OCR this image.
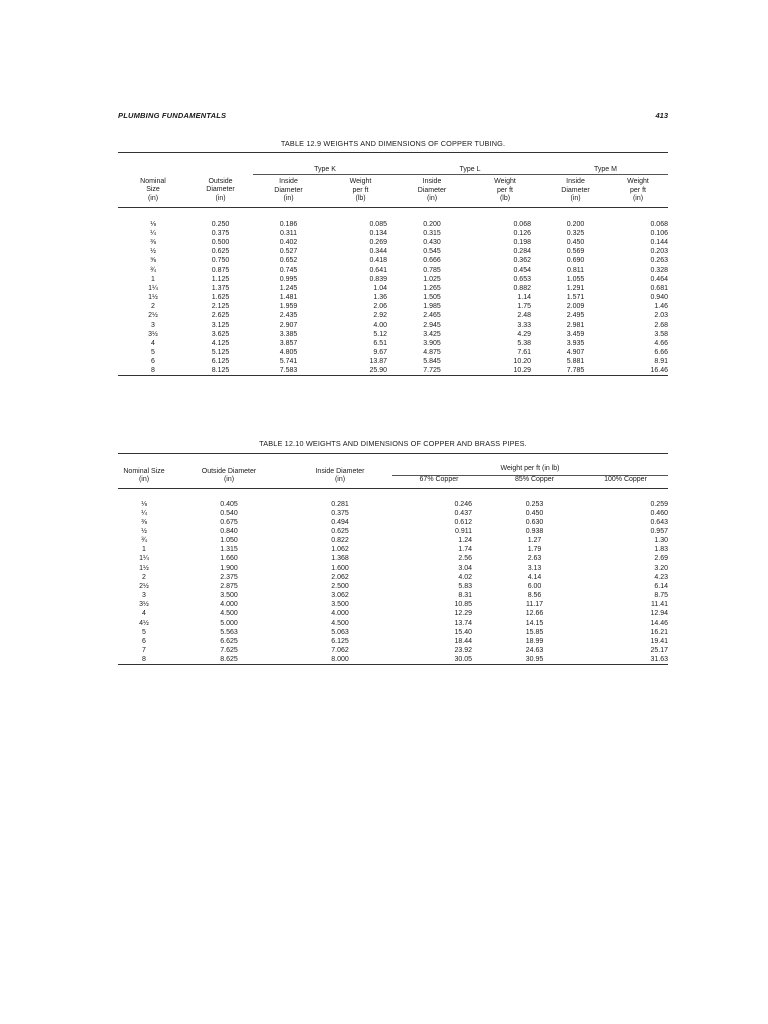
PLUMBING FUNDAMENTALS	413
TABLE 12.9 WEIGHTS AND DIMENSIONS OF COPPER TUBING.

		Type K		Type L		Type M	
Nominal
Size
(in)	Outside
Diameter
(in)	Inside
Diameter
(in)	Weight
per ft
(lb)	Inside
Diameter
(in)	Weight
per ft
(lb)	Inside
Diameter
(in)	Weight
per ft
(in)

⅛	0.250	0.186	0.085	0.200	0.068	0.200	0.068
¼	0.375	0.311	0.134	0.315	0.126	0.325	0.106
⅜	0.500	0.402	0.269	0.430	0.198	0.450	0.144
½	0.625	0.527	0.344	0.545	0.284	0.569	0.203
⅝	0.750	0.652	0.418	0.666	0.362	0.690	0.263
¾	0.875	0.745	0.641	0.785	0.454	0.811	0.328
1	1.125	0.995	0.839	1.025	0.653	1.055	0.464
1¼	1.375	1.245	1.04	1.265	0.882	1.291	0.681
1½	1.625	1.481	1.36	1.505	1.14	1.571	0.940
2	2.125	1.959	2.06	1.985	1.75	2.009	1.46
2½	2.625	2.435	2.92	2.465	2.48	2.495	2.03
3	3.125	2.907	4.00	2.945	3.33	2.981	2.68
3½	3.625	3.385	5.12	3.425	4.29	3.459	3.58
4	4.125	3.857	6.51	3.905	5.38	3.935	4.66
5	5.125	4.805	9.67	4.875	7.61	4.907	6.66
6	6.125	5.741	13.87	5.845	10.20	5.881	8.91
8	8.125	7.583	25.90	7.725	10.29	7.785	16.46
TABLE 12.10 WEIGHTS AND DIMENSIONS OF COPPER AND BRASS PIPES.

Nominal Size
(in)	Outside Diameter
(in)	Inside Diameter
(in)	Weight per ft (in lb)		
			67% Copper	85% Copper	100% Copper

⅛	0.405	0.281	0.246	0.253	0.259
¼	0.540	0.375	0.437	0.450	0.460
⅜	0.675	0.494	0.612	0.630	0.643
½	0.840	0.625	0.911	0.938	0.957
¾	1.050	0.822	1.24	1.27	1.30
1	1.315	1.062	1.74	1.79	1.83
1¼	1.660	1.368	2.56	2.63	2.69
1½	1.900	1.600	3.04	3.13	3.20
2	2.375	2.062	4.02	4.14	4.23
2½	2.875	2.500	5.83	6.00	6.14
3	3.500	3.062	8.31	8.56	8.75
3½	4.000	3.500	10.85	11.17	11.41
4	4.500	4.000	12.29	12.66	12.94
4½	5.000	4.500	13.74	14.15	14.46
5	5.563	5.063	15.40	15.85	16.21
6	6.625	6.125	18.44	18.99	19.41
7	7.625	7.062	23.92	24.63	25.17
8	8.625	8.000	30.05	30.95	31.63
